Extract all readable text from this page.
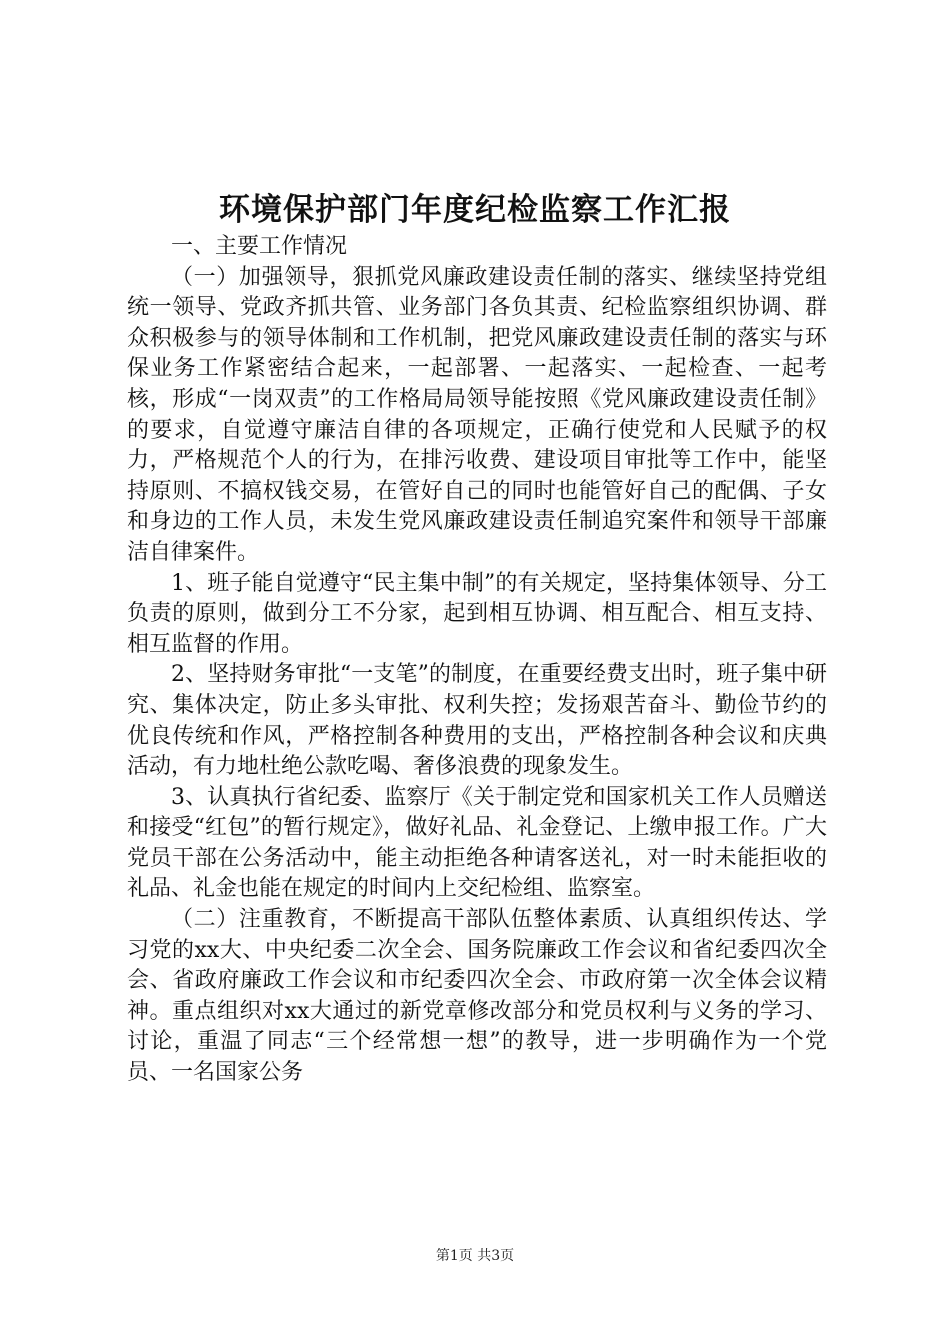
环境保护部门年度纪检监察工作汇报

一、主要工作情况

（一）加强领导，狠抓党风廉政建设责任制的落实、继续坚持党组统一领导、党政齐抓共管、业务部门各负其责、纪检监察组织协调、群众积极参与的领导体制和工作机制，把党风廉政建设责任制的落实与环保业务工作紧密结合起来，一起部署、一起落实、一起检查、一起考核，形成“一岗双责”的工作格局局领导能按照《党风廉政建设责任制》的要求，自觉遵守廉洁自律的各项规定，正确行使党和人民赋予的权力，严格规范个人的行为，在排污收费、建设项目审批等工作中，能坚持原则、不搞权钱交易，在管好自己的同时也能管好自己的配偶、子女和身边的工作人员，未发生党风廉政建设责任制追究案件和领导干部廉洁自律案件。

1、班子能自觉遵守“民主集中制”的有关规定，坚持集体领导、分工负责的原则，做到分工不分家，起到相互协调、相互配合、相互支持、相互监督的作用。

2、坚持财务审批“一支笔”的制度，在重要经费支出时，班子集中研究、集体决定，防止多头审批、权利失控；发扬艰苦奋斗、勤俭节约的优良传统和作风，严格控制各种费用的支出，严格控制各种会议和庆典活动，有力地杜绝公款吃喝、奢侈浪费的现象发生。

3、认真执行省纪委、监察厅《关于制定党和国家机关工作人员赠送和接受“红包”的暂行规定》，做好礼品、礼金登记、上缴申报工作。广大党员干部在公务活动中，能主动拒绝各种请客送礼，对一时未能拒收的礼品、礼金也能在规定的时间内上交纪检组、监察室。

（二）注重教育，不断提高干部队伍整体素质、认真组织传达、学习党的xx大、中央纪委二次全会、国务院廉政工作会议和省纪委四次全会、省政府廉政工作会议和市纪委四次全会、市政府第一次全体会议精神。重点组织对xx大通过的新党章修改部分和党员权利与义务的学习、讨论，重温了同志“三个经常想一想”的教导，进一步明确作为一个党员、一名国家公务

第1页 共3页
